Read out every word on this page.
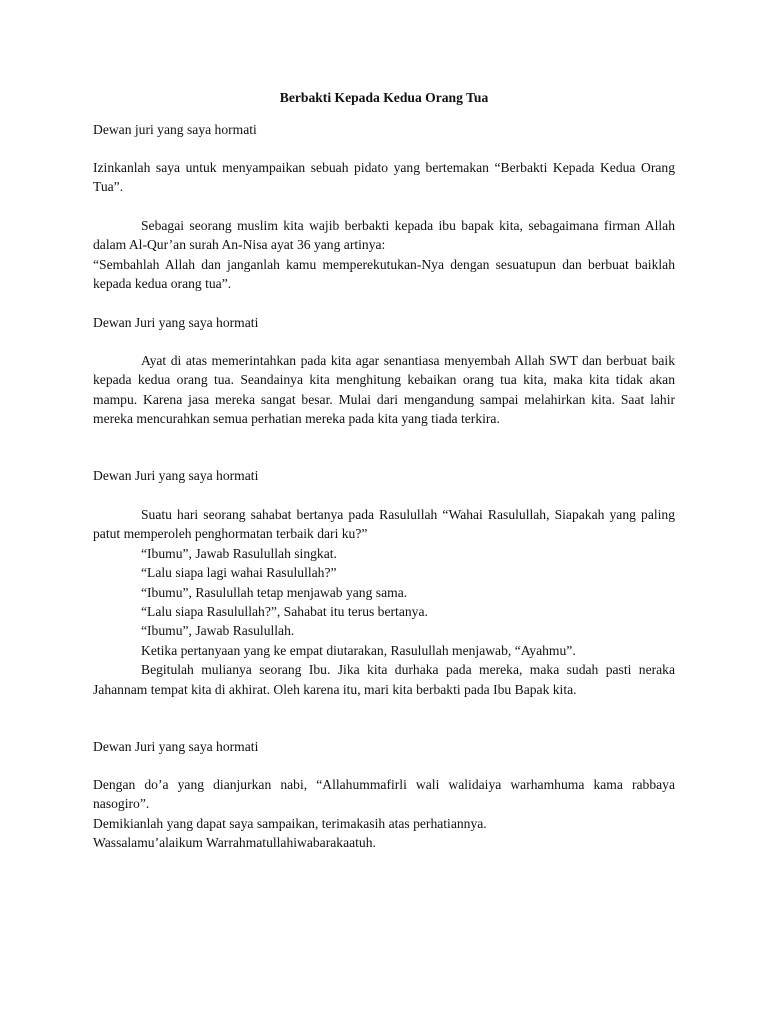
Berbakti Kepada Kedua Orang Tua

Dewan juri yang saya hormati

Izinkanlah saya untuk menyampaikan sebuah pidato yang bertemakan “Berbakti Kepada Kedua Orang Tua”.

Sebagai seorang muslim kita wajib berbakti kepada ibu bapak kita, sebagaimana firman Allah dalam Al-Qur’an surah An-Nisa ayat 36 yang artinya:

“Sembahlah Allah dan janganlah kamu memperekutukan-Nya dengan sesuatupun dan berbuat baiklah kepada kedua orang tua”.

Dewan Juri yang saya hormati

Ayat di atas memerintahkan pada kita agar senantiasa menyembah Allah SWT dan berbuat baik kepada kedua orang tua. Seandainya kita menghitung kebaikan orang tua kita, maka kita tidak akan mampu. Karena jasa mereka sangat besar. Mulai dari mengandung sampai melahirkan kita. Saat lahir mereka mencurahkan semua perhatian mereka pada kita yang tiada terkira.

Dewan Juri yang saya hormati

Suatu hari seorang sahabat bertanya pada Rasulullah “Wahai Rasulullah, Siapakah yang paling patut memperoleh penghormatan terbaik dari ku?”

“Ibumu”, Jawab Rasulullah singkat.

“Lalu siapa lagi wahai Rasulullah?”

“Ibumu”, Rasulullah tetap menjawab yang sama.

“Lalu siapa Rasulullah?”, Sahabat itu terus bertanya.

“Ibumu”, Jawab Rasulullah.

Ketika pertanyaan yang ke empat diutarakan, Rasulullah menjawab, “Ayahmu”.

Begitulah mulianya seorang Ibu. Jika kita durhaka pada mereka, maka sudah pasti neraka Jahannam tempat kita di akhirat. Oleh karena itu, mari kita berbakti pada Ibu Bapak kita.

Dewan Juri yang saya hormati

Dengan do’a yang dianjurkan nabi, “Allahummafirli wali walidaiya warhamhuma kama rabbaya nasogiro”.

Demikianlah yang dapat saya sampaikan, terimakasih atas perhatiannya.

Wassalamu’alaikum Warrahmatullahiwabarakaatuh.
